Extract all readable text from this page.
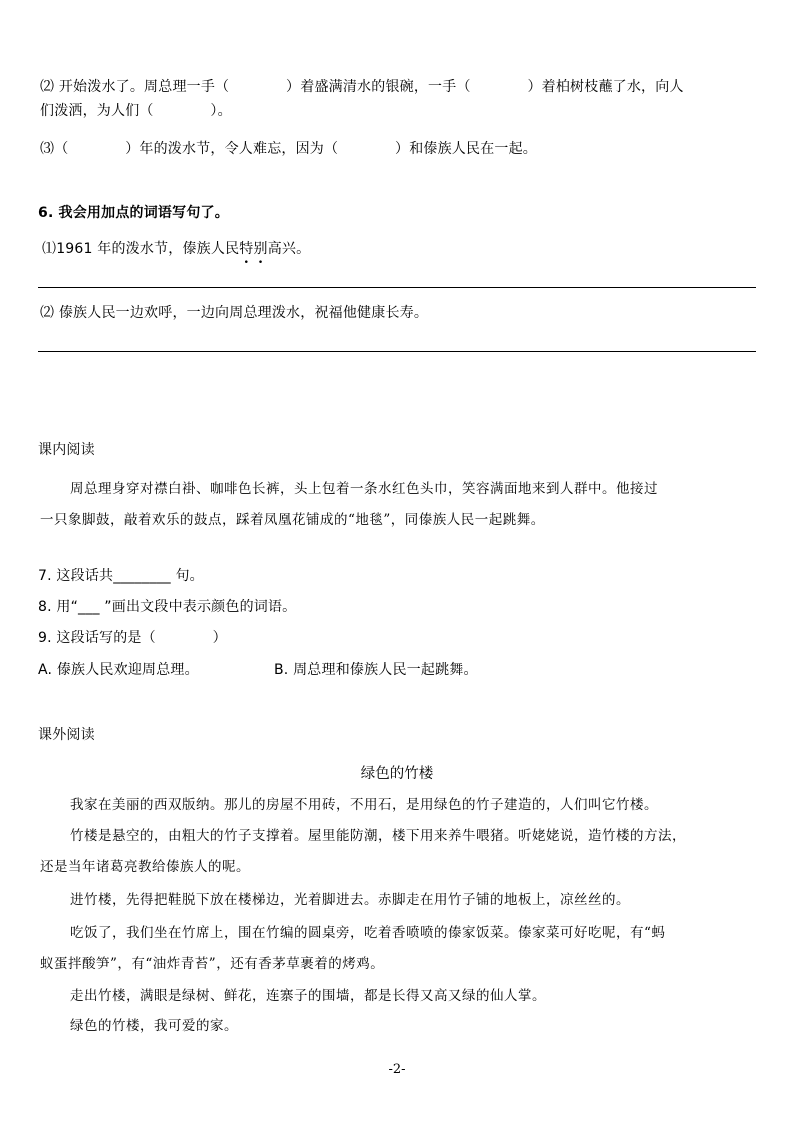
⑵ 开始泼水了。周总理一手（　　　　）着盛满清水的银碗，一手（　　　　）着柏树枝蘸了水，向人
们泼洒，为人们（　　　　）。
⑶（　　　　）年的泼水节，令人难忘，因为（　　　　）和傣族人民在一起。
6. 我会用加点的词语写句了。
⑴1961 年的泼水节，傣族人民特别高兴。
⑵ 傣族人民一边欢呼，一边向周总理泼水，祝福他健康长寿。
课内阅读
周总理身穿对襟白褂、咖啡色长裤，头上包着一条水红色头巾，笑容满面地来到人群中。他接过
一只象脚鼓，敲着欢乐的鼓点，踩着凤凰花铺成的“地毯”，同傣族人民一起跳舞。
7. 这段话共________ 句。
8. 用“___ ”画出文段中表示颜色的词语。
9. 这段话写的是（　　　　）
A. 傣族人民欢迎周总理。	B. 周总理和傣族人民一起跳舞。
课外阅读
绿色的竹楼
我家在美丽的西双版纳。那儿的房屋不用砖，不用石，是用绿色的竹子建造的，人们叫它竹楼。
竹楼是悬空的，由粗大的竹子支撑着。屋里能防潮，楼下用来养牛喂猪。听姥姥说，造竹楼的方法，
还是当年诸葛亮教给傣族人的呢。
进竹楼，先得把鞋脱下放在楼梯边，光着脚进去。赤脚走在用竹子铺的地板上，凉丝丝的。
吃饭了，我们坐在竹席上，围在竹编的圆桌旁，吃着香喷喷的傣家饭菜。傣家菜可好吃呢，有“蚂
蚁蛋拌酸笋”，有“油炸青苔”，还有香茅草裹着的烤鸡。
走出竹楼，满眼是绿树、鲜花，连寨子的围墙，都是长得又高又绿的仙人掌。
绿色的竹楼，我可爱的家。
-2-
